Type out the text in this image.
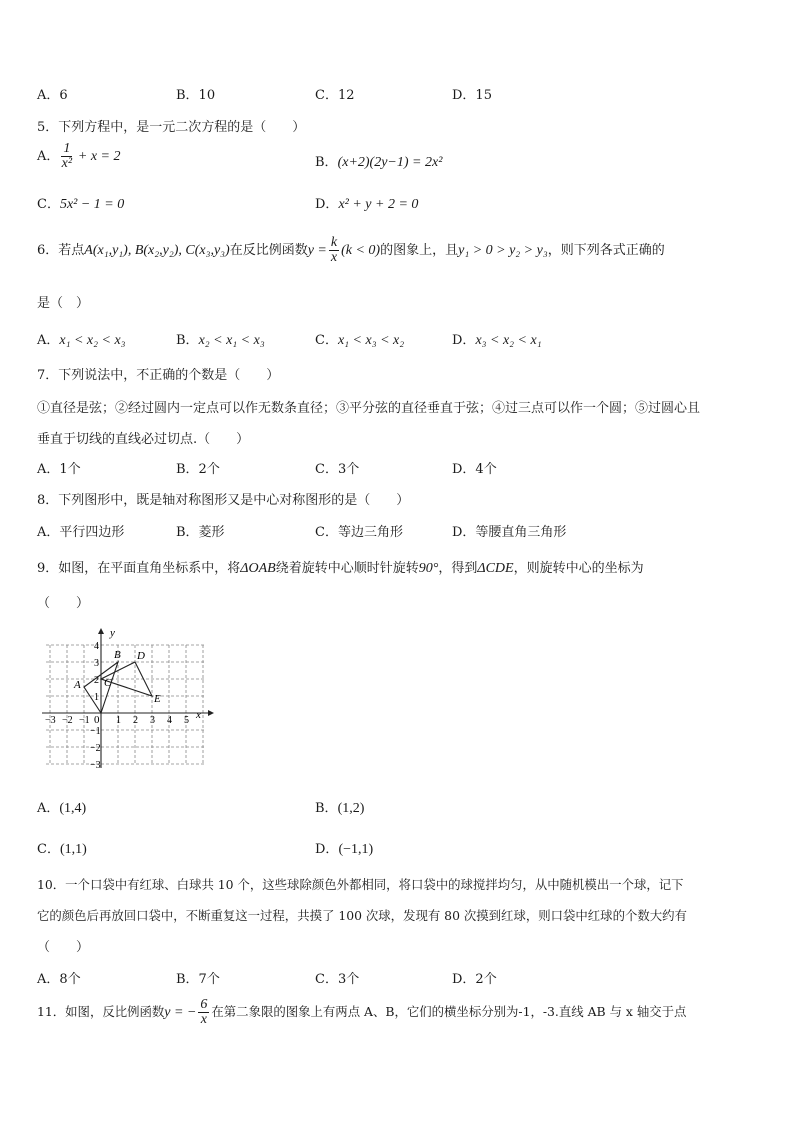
A．6	B．10	C．12	D．15
5．下列方程中，是一元二次方程的是（　　）
A． $\frac{1}{\text{x²}} + x = 2$	B．(x+2)(2y−1) = 2x²
C．5x² − 1 = 0	D．x² + y + 2 = 0
6．若点A(x₁,y₁), B(x₂,y₂), C(x₃,y₃)在反比例函数$y = \frac{k}{x} (k < 0)$的图象上，且y₁ > 0 > y₂ > y₃，则下列各式正确的
是（　）
A．x₁ < x₂ < x₃	B．x₂ < x₁ < x₃	C．x₁ < x₃ < x₂	D．x₃ < x₂ < x₁
7．下列说法中，不正确的个数是（　　）
①直径是弦；②经过圆内一定点可以作无数条直径；③平分弦的直径垂直于弦；④过三点可以作一个圆；⑤过圆心且
垂直于切线的直线必过切点.（　　）
A．1个	B．2个	C．3个	D．4个
8．下列图形中，既是轴对称图形又是中心对称图形的是（　　）
A．平行四边形	B．菱形	C．等边三角形	D．等腰直角三角形
9．如图，在平面直角坐标系中，将ΔOAB绕着旋转中心顺时针旋转90°，得到ΔCDE，则旋转中心的坐标为
（　　）
x
y
0
−3 −2 −1	1 2 3 4 5
4
3
2
1
−1
−2
−3
A
B
C
D
E
A．(1,4)	B．(1,2)
C．(1,1)	D．(−1,1)
10．一个口袋中有红球、白球共 10 个，这些球除颜色外都相同，将口袋中的球搅拌均匀，从中随机模出一个球，记下
它的颜色后再放回口袋中，不断重复这一过程，共摸了 100 次球，发现有 80 次摸到红球，则口袋中红球的个数大约有
（　　）
A．8个	B．7个	C．3个	D．2个
11．如图，反比例函数y = − $\frac{6}{x}$ 在第二象限的图象上有两点 A、B，它们的横坐标分别为-1，-3.直线 AB 与 x 轴交于点
